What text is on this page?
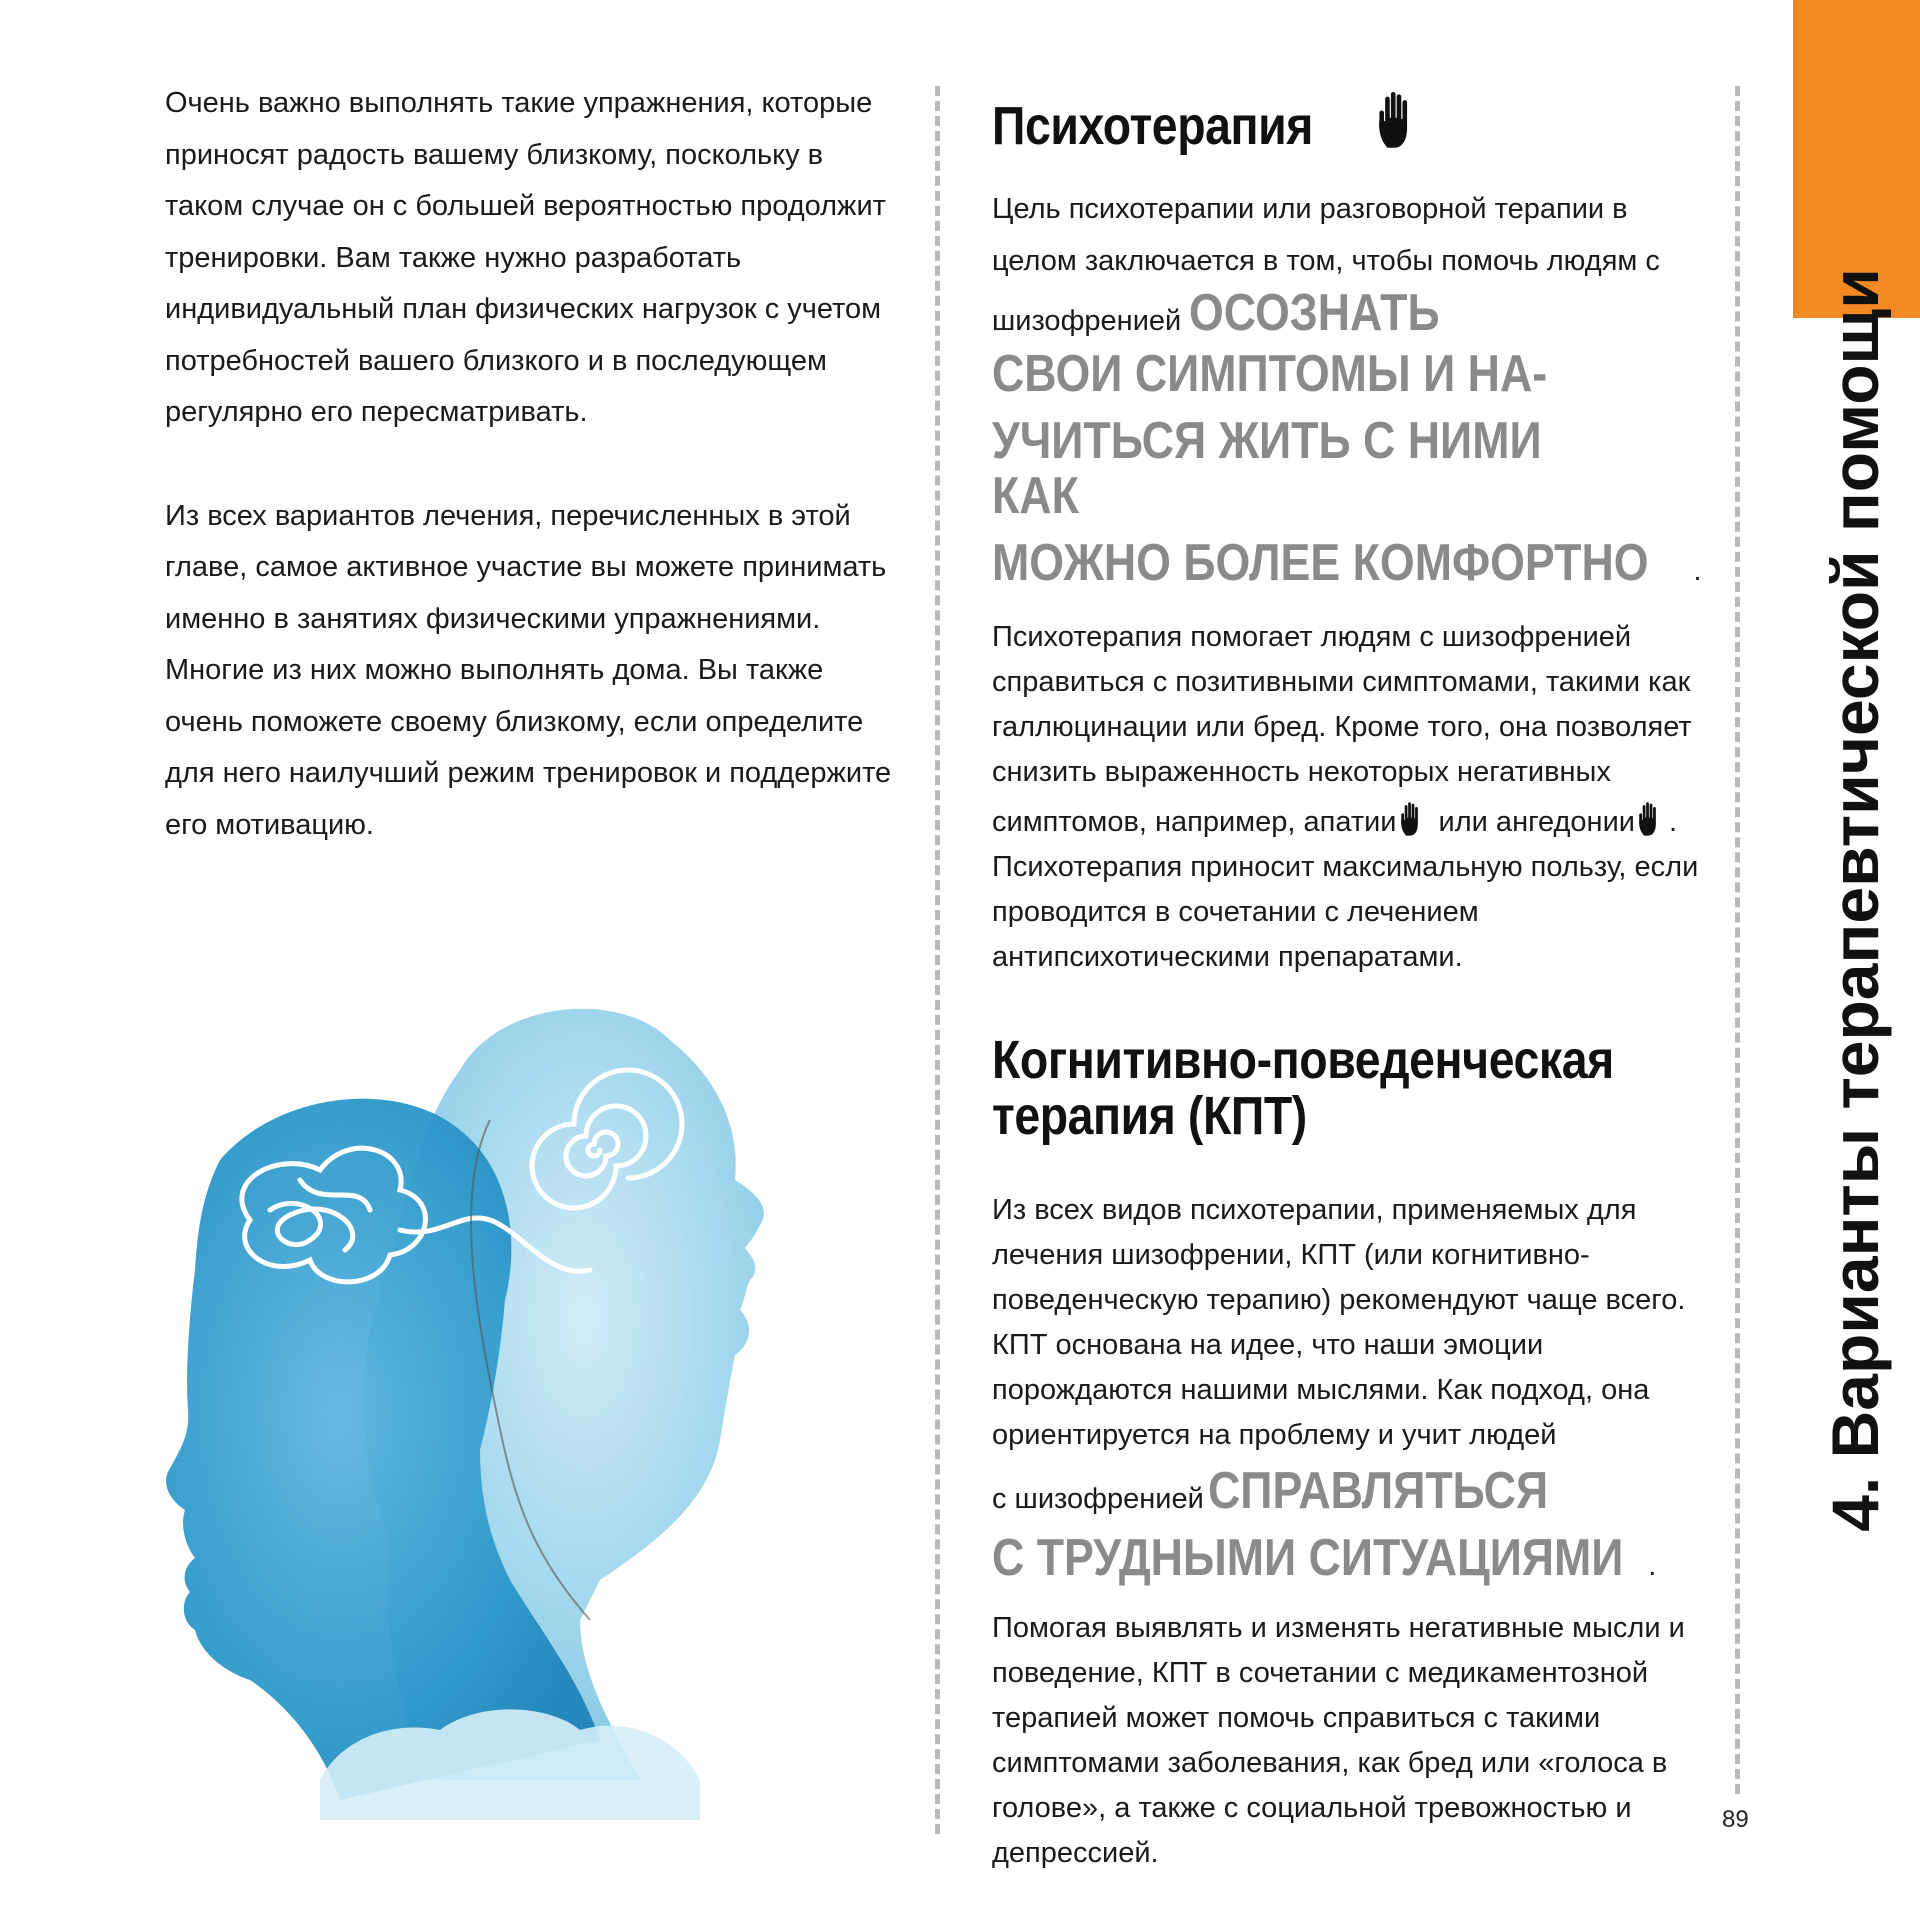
4. Варианты терапевтической помощи

Очень важно выполнять такие упражнения, которые приносят радость вашему близкому, поскольку в таком случае он с большей вероятностью продолжит тренировки. Вам также нужно разработать индивидуальный план физических нагрузок с учетом потребностей вашего близкого и в последующем регулярно его пересматривать.

Из всех вариантов лечения, перечисленных в этой главе, самое активное участие вы можете принимать именно в занятиях физическими упражнениями. Многие из них можно выполнять дома. Вы также очень поможете своему близкому, если определите для него наилучший режим тренировок и поддержите его мотивацию.

Психотерапия

Цель психотерапии или разговорной терапии в целом заключается в том, чтобы помочь людям с шизофренией ОСОЗНАТЬ

СВОИ СИМПТОМЫ И НА-

УЧИТЬСЯ ЖИТЬ С НИМИ КАК

МОЖНО БОЛЕЕ КОМФОРТНО .

Психотерапия помогает людям с шизофренией справиться с позитивными симптомами, такими как галлюцинации или бред. Кроме того, она позволяет снизить выраженность некоторых негативных симптомов, например, апатии или ангедонии . Психотерапия приносит максимальную пользу, если проводится в сочетании с лечением антипсихотическими препаратами.

Когнитивно-поведенческая
терапия (КПТ)

Из всех видов психотерапии, применяемых для лечения шизофрении, КПТ (или когнитивно-поведенческую терапию) рекомендуют чаще всего. КПТ основана на идее, что наши эмоции порождаются нашими мыслями. Как подход, она ориентируется на проблему и учит людей

с шизофренией СПРАВЛЯТЬСЯ

С ТРУДНЫМИ СИТУАЦИЯМИ .

Помогая выявлять и изменять негативные мысли и поведение, КПТ в сочетании с медикаментозной терапией может помочь справиться с такими симптомами заболевания, как бред или «голоса в голове», а также с социальной тревожностью и депрессией.

89
